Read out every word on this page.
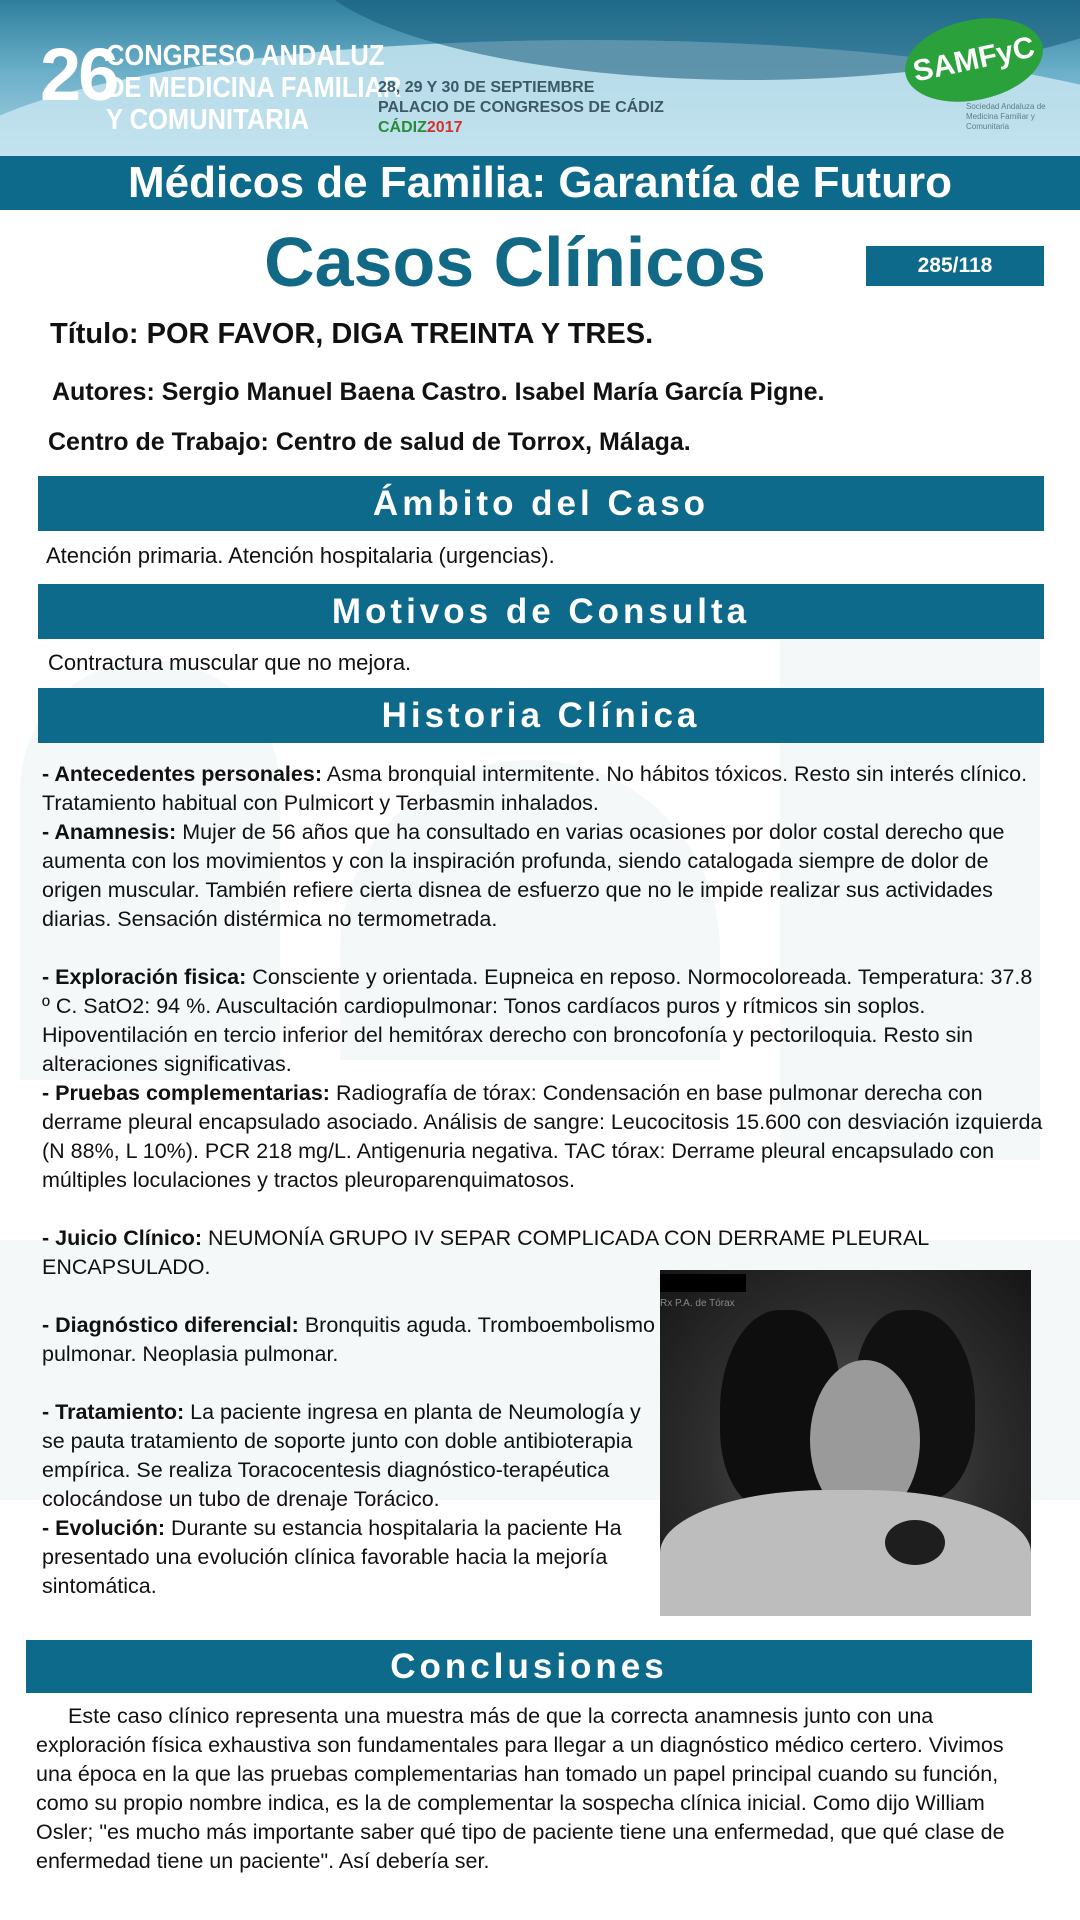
26
CONGRESO ANDALUZ
DE MEDICINA FAMILIAR
Y COMUNITARIA
28, 29 Y 30 DE SEPTIEMBRE
PALACIO DE CONGRESOS DE CÁDIZ
CÁDIZ2017
SAMFyC
Sociedad Andaluza de Medicina Familiar y Comunitaria
Médicos de Familia: Garantía de Futuro
Casos Clínicos	285/118
Título: POR FAVOR, DIGA TREINTA Y TRES.
Autores: Sergio Manuel Baena Castro. Isabel María García Pigne.
Centro de Trabajo: Centro de salud de Torrox, Málaga.
Ámbito del Caso
Atención primaria. Atención hospitalaria (urgencias).
Motivos de Consulta
Contractura muscular que no mejora.
Historia Clínica

- Antecedentes personales: Asma bronquial intermitente. No hábitos tóxicos. Resto sin interés clínico. Tratamiento habitual con Pulmicort y Terbasmin inhalados.

- Anamnesis: Mujer de 56 años que ha consultado en varias ocasiones por dolor costal derecho que aumenta con los movimientos y con la inspiración profunda, siendo catalogada siempre de dolor de origen muscular. También refiere cierta disnea de esfuerzo que no le impide realizar sus actividades diarias. Sensación distérmica no termometrada.

- Exploración fisica: Consciente y orientada. Eupneica en reposo. Normocoloreada. Temperatura: 37.8 º C. SatO2: 94 %. Auscultación cardiopulmonar: Tonos cardíacos puros y rítmicos sin soplos. Hipoventilación en tercio inferior del hemitórax derecho con broncofonía y pectoriloquia. Resto sin alteraciones significativas.

- Pruebas complementarias: Radiografía de tórax: Condensación en base pulmonar derecha con derrame pleural encapsulado asociado. Análisis de sangre: Leucocitosis 15.600 con desviación izquierda (N 88%, L 10%). PCR 218 mg/L. Antigenuria negativa. TAC tórax: Derrame pleural encapsulado con múltiples loculaciones y tractos pleuroparenquimatosos.

- Juicio Clínico: NEUMONÍA GRUPO IV SEPAR COMPLICADA CON DERRAME PLEURAL ENCAPSULADO.

- Diagnóstico diferencial: Bronquitis aguda. Tromboembolismo pulmonar. Neoplasia pulmonar.

- Tratamiento: La paciente ingresa en planta de Neumología y se pauta tratamiento de soporte junto con doble antibioterapia empírica. Se realiza Toracocentesis diagnóstico-terapéutica colocándose un tubo de drenaje Torácico.

- Evolución: Durante su estancia hospitalaria la paciente Ha presentado una evolución clínica favorable hacia la mejoría sintomática.

Rx P.A. de Tórax
Conclusiones
Este caso clínico representa una muestra más de que la correcta anamnesis junto con una exploración física exhaustiva son fundamentales para llegar a un diagnóstico médico certero. Vivimos una época en la que las pruebas complementarias han tomado un papel principal cuando su función, como su propio nombre indica, es la de complementar la sospecha clínica inicial. Como dijo William Osler; "es mucho más importante saber qué tipo de paciente tiene una enfermedad, que qué clase de enfermedad tiene un paciente". Así debería ser.
